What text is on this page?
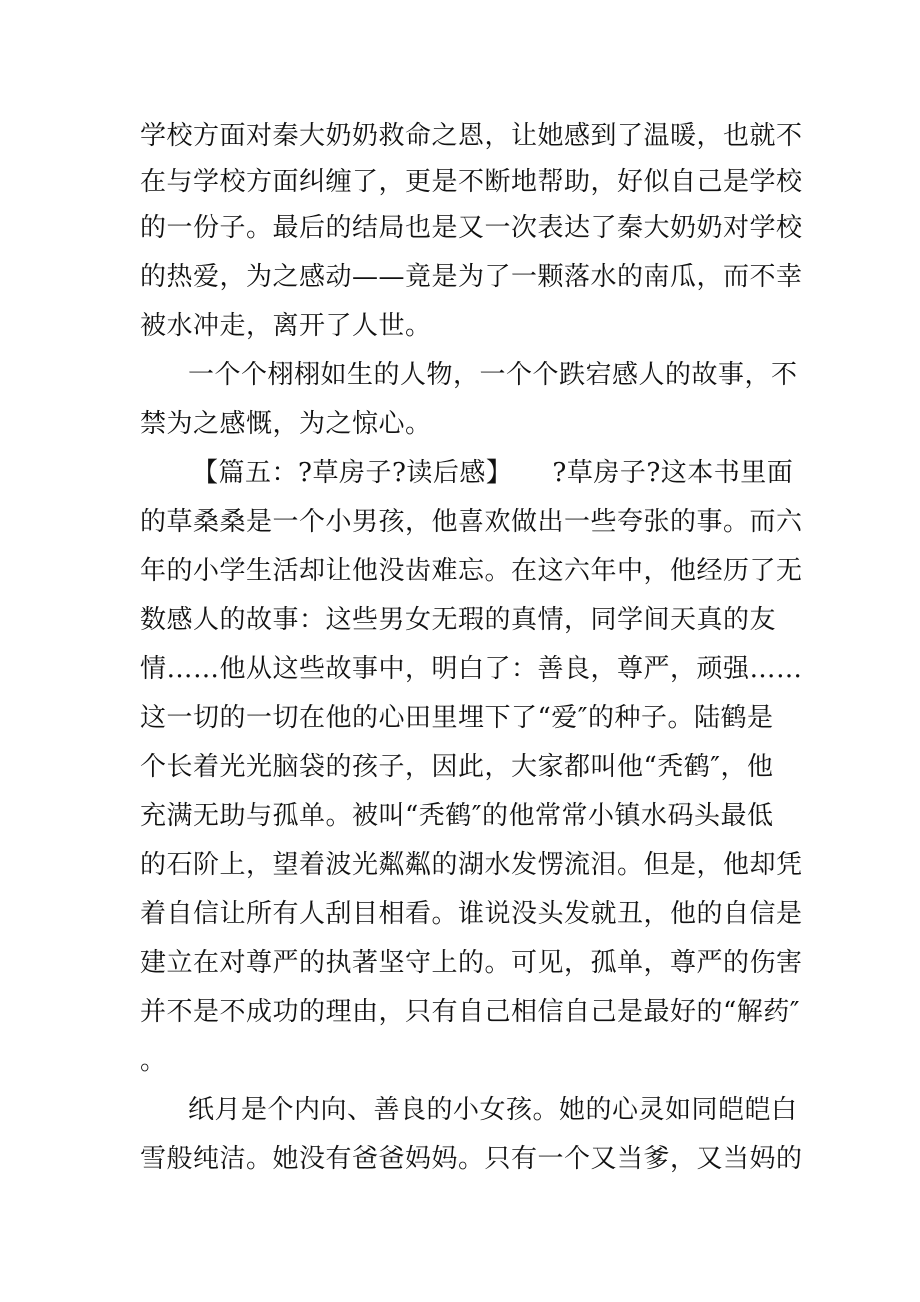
学校方面对秦大奶奶救命之恩，让她感到了温暖，也就不
在与学校方面纠缠了，更是不断地帮助，好似自己是学校
的一份子。最后的结局也是又一次表达了秦大奶奶对学校
的热爱，为之感动——竟是为了一颗落水的南瓜，而不幸
被水冲走，离开了人世。
一个个栩栩如生的人物，一个个跌宕感人的故事，不
禁为之感慨，为之惊心。
【篇五：?草房子?读后感】　　?草房子?这本书里面
的草桑桑是一个小男孩，他喜欢做出一些夸张的事。而六
年的小学生活却让他没齿难忘。在这六年中，他经历了无
数感人的故事：这些男女无瑕的真情，同学间天真的友
情……他从这些故事中，明白了：善良，尊严，顽强……
这一切的一切在他的心田里埋下了“爱″的种子。陆鹤是
个长着光光脑袋的孩子，因此，大家都叫他“秃鹤″，他
充满无助与孤单。被叫“秃鹤″的他常常小镇水码头最低
的石阶上，望着波光粼粼的湖水发愣流泪。但是，他却凭
着自信让所有人刮目相看。谁说没头发就丑，他的自信是
建立在对尊严的执著坚守上的。可见，孤单，尊严的伤害
并不是不成功的理由，只有自己相信自己是最好的“解药″
。
纸月是个内向、善良的小女孩。她的心灵如同皑皑白
雪般纯洁。她没有爸爸妈妈。只有一个又当爹，又当妈的
